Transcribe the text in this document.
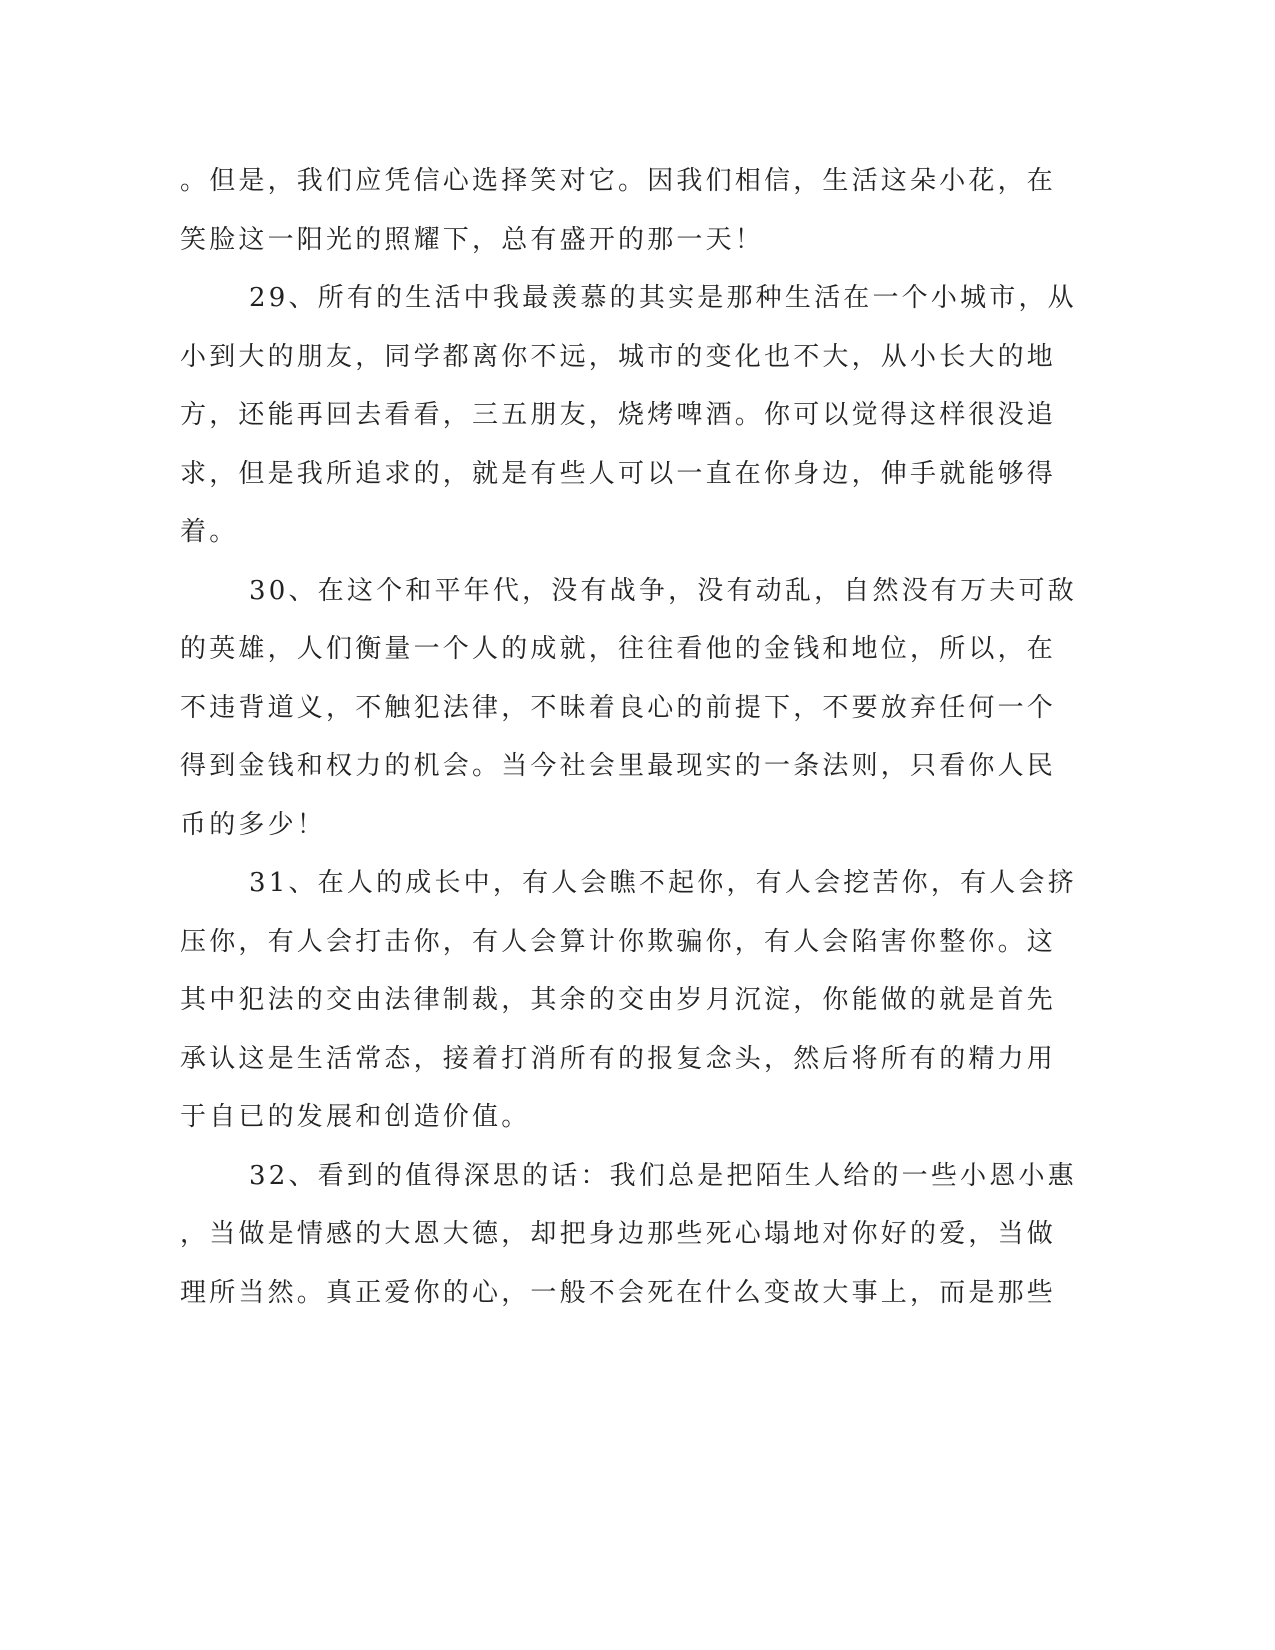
。但是，我们应凭信心选择笑对它。因我们相信，生活这朵小花，在
笑脸这一阳光的照耀下，总有盛开的那一天！
29、所有的生活中我最羡慕的其实是那种生活在一个小城市，从
小到大的朋友，同学都离你不远，城市的变化也不大，从小长大的地
方，还能再回去看看，三五朋友，烧烤啤酒。你可以觉得这样很没追
求，但是我所追求的，就是有些人可以一直在你身边，伸手就能够得
着。
30、在这个和平年代，没有战争，没有动乱，自然没有万夫可敌
的英雄，人们衡量一个人的成就，往往看他的金钱和地位，所以，在
不违背道义，不触犯法律，不昧着良心的前提下，不要放弃任何一个
得到金钱和权力的机会。当今社会里最现实的一条法则，只看你人民
币的多少！
31、在人的成长中，有人会瞧不起你，有人会挖苦你，有人会挤
压你，有人会打击你，有人会算计你欺骗你，有人会陷害你整你。这
其中犯法的交由法律制裁，其余的交由岁月沉淀，你能做的就是首先
承认这是生活常态，接着打消所有的报复念头，然后将所有的精力用
于自已的发展和创造价值。
32、看到的值得深思的话：我们总是把陌生人给的一些小恩小惠
，当做是情感的大恩大德，却把身边那些死心塌地对你好的爱，当做
理所当然。真正爱你的心，一般不会死在什么变故大事上，而是那些
